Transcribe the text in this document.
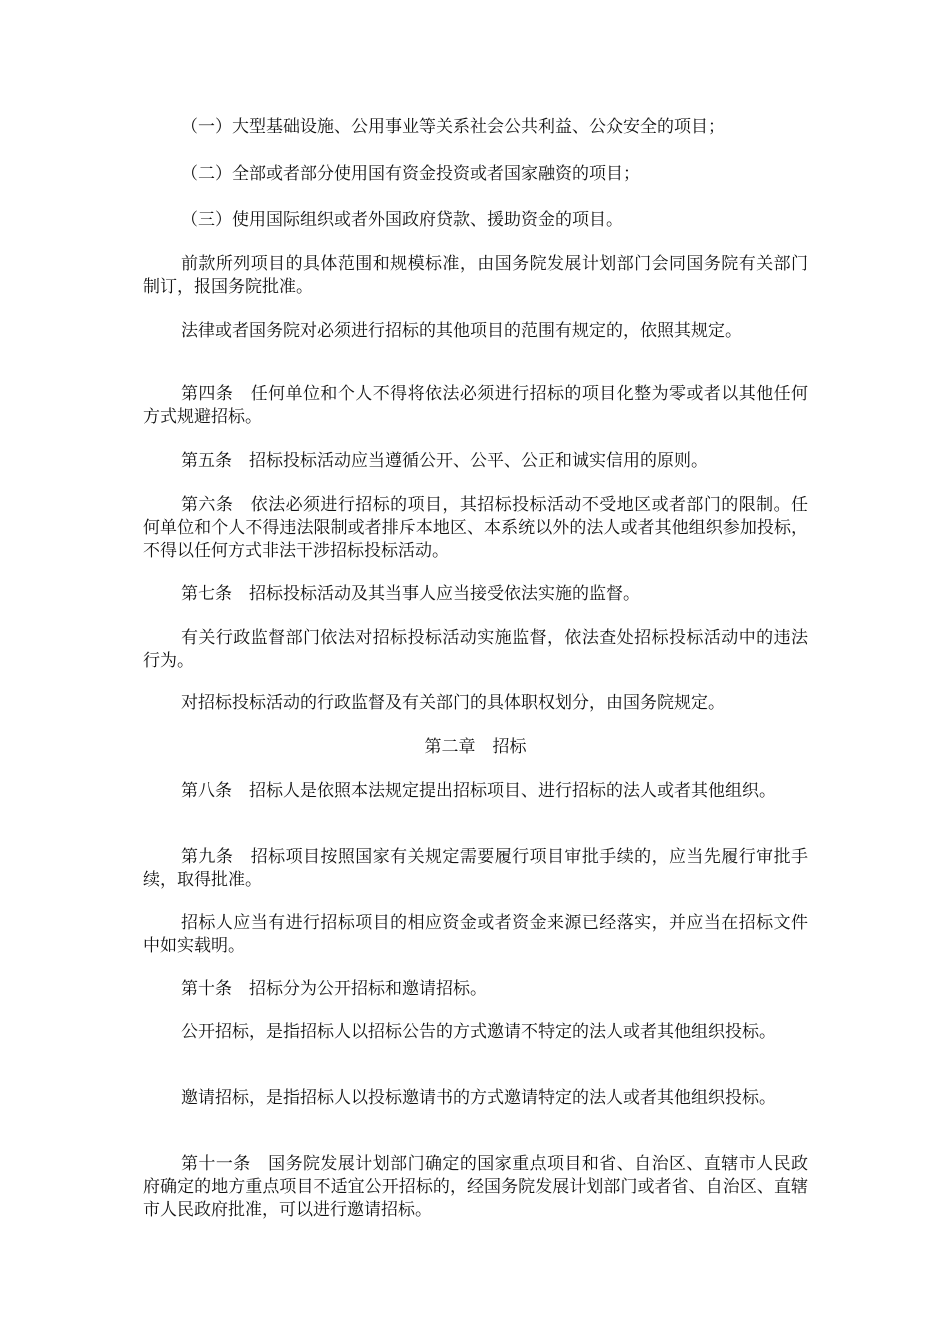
（一）大型基础设施、公用事业等关系社会公共利益、公众安全的项目；

（二）全部或者部分使用国有资金投资或者国家融资的项目；

（三）使用国际组织或者外国政府贷款、援助资金的项目。

前款所列项目的具体范围和规模标准，由国务院发展计划部门会同国务院有关部门制订，报国务院批准。

法律或者国务院对必须进行招标的其他项目的范围有规定的，依照其规定。

第四条　任何单位和个人不得将依法必须进行招标的项目化整为零或者以其他任何方式规避招标。

第五条　招标投标活动应当遵循公开、公平、公正和诚实信用的原则。

第六条　依法必须进行招标的项目，其招标投标活动不受地区或者部门的限制。任何单位和个人不得违法限制或者排斥本地区、本系统以外的法人或者其他组织参加投标，不得以任何方式非法干涉招标投标活动。

第七条　招标投标活动及其当事人应当接受依法实施的监督。

有关行政监督部门依法对招标投标活动实施监督，依法查处招标投标活动中的违法行为。

对招标投标活动的行政监督及有关部门的具体职权划分，由国务院规定。

第二章　招标

第八条　招标人是依照本法规定提出招标项目、进行招标的法人或者其他组织。

第九条　招标项目按照国家有关规定需要履行项目审批手续的，应当先履行审批手续，取得批准。

招标人应当有进行招标项目的相应资金或者资金来源已经落实，并应当在招标文件中如实载明。

第十条　招标分为公开招标和邀请招标。

公开招标，是指招标人以招标公告的方式邀请不特定的法人或者其他组织投标。

邀请招标，是指招标人以投标邀请书的方式邀请特定的法人或者其他组织投标。

第十一条　国务院发展计划部门确定的国家重点项目和省、自治区、直辖市人民政府确定的地方重点项目不适宜公开招标的，经国务院发展计划部门或者省、自治区、直辖市人民政府批准，可以进行邀请招标。
